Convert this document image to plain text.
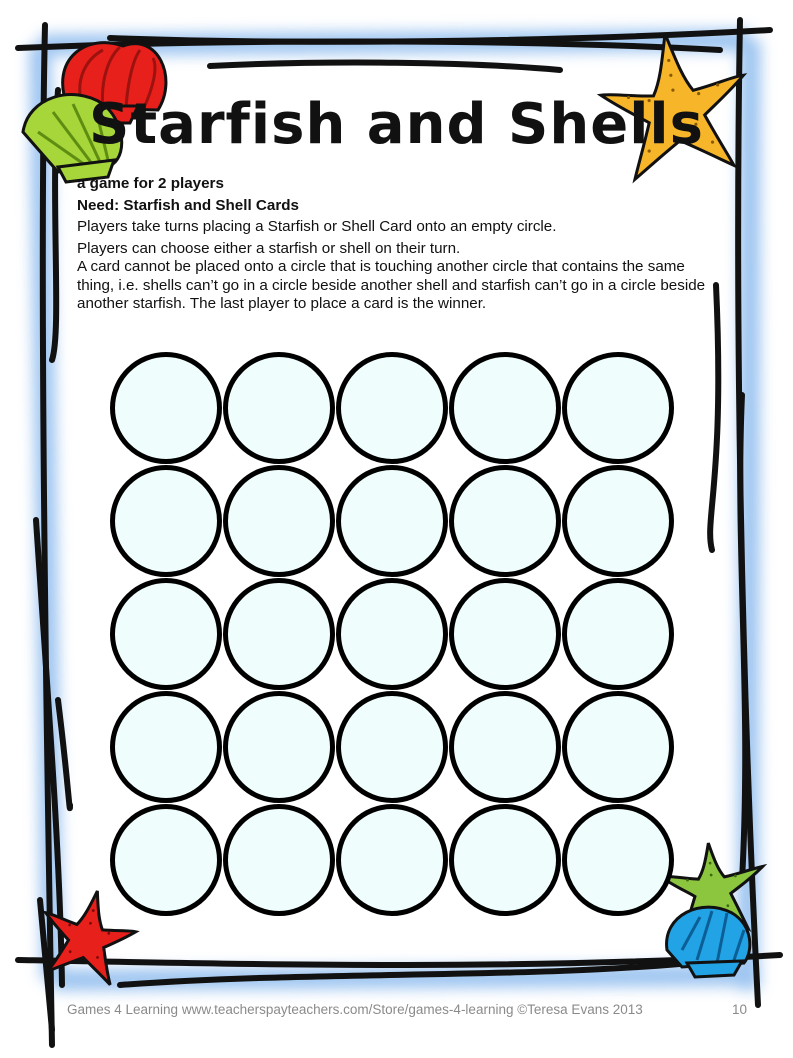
Starfish and Shells

a game for 2 players

Need: Starfish and Shell Cards

Players take turns placing a Starfish or Shell Card onto an empty circle.

Players can choose either a starfish or shell on their turn.

A card cannot be placed onto a circle that is touching another circle that contains the same thing, i.e. shells can’t go in a circle beside another shell and starfish can’t go in a circle beside another starfish. The last player to place a card is the winner.

Games 4 Learning www.teacherspayteachers.com/Store/games-4-learning ©Teresa Evans 2013	10
